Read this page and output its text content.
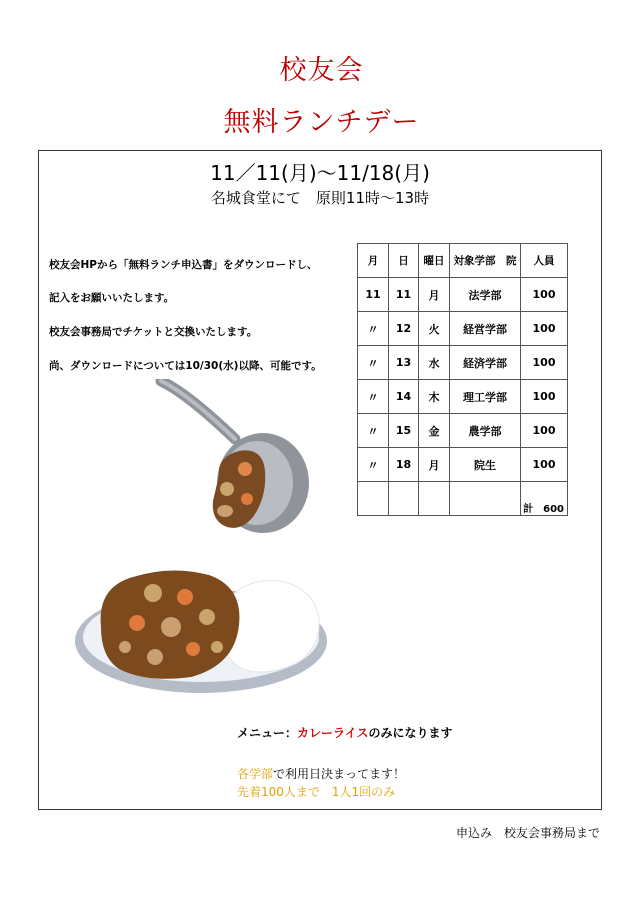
校友会
無料ランチデー
11／11(月)～11/18(月)
名城食堂にて　原則11時～13時
校友会HPから「無料ランチ申込書」をダウンロードし、
記入をお願いいたします。
校友会事務局でチケットと交換いたします。
尚、ダウンロードについては10/30(水)以降、可能です。
月	日	曜日	対象学部　院	人員
11	11	月	法学部	100
〃	12	火	経営学部	100
〃	13	水	経済学部	100
〃	14	木	理工学部	100
〃	15	金	農学部	100
〃	18	月	院生	100
				計　600
メニュー：カレーライスのみになります
各学部で利用日決まってます！
先着100人まで　1人1回のみ
申込み　校友会事務局まで
